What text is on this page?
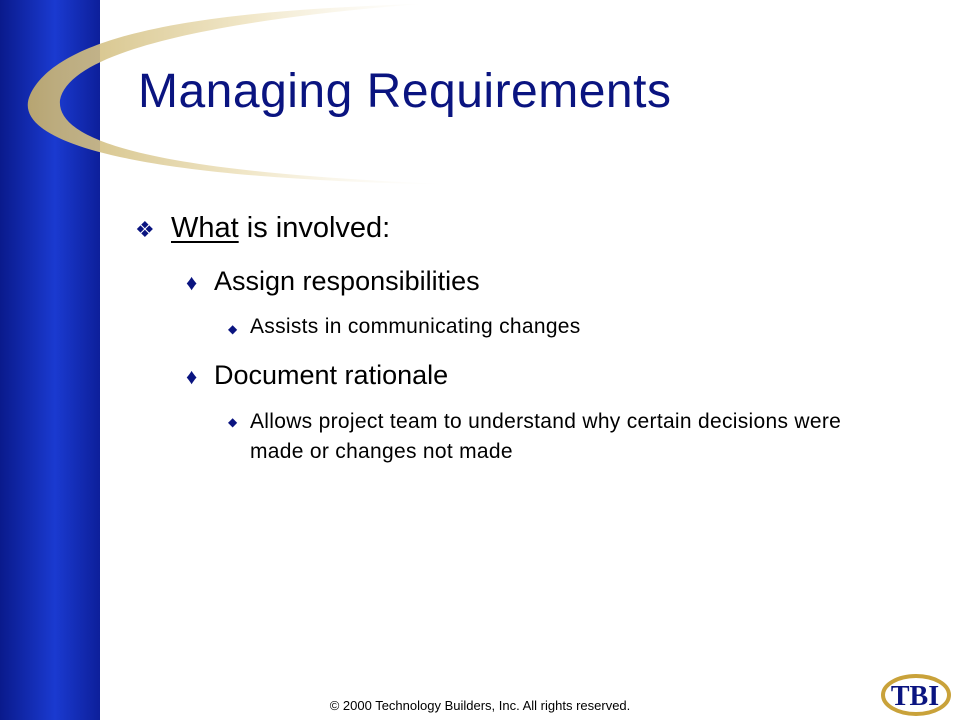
Managing Requirements
❖ What is involved:
♦ Assign responsibilities
◆ Assists in communicating changes
♦ Document rationale
◆ Allows project team to understand why certain decisions were made or changes not made
© 2000 Technology Builders, Inc. All rights reserved.	TBI
